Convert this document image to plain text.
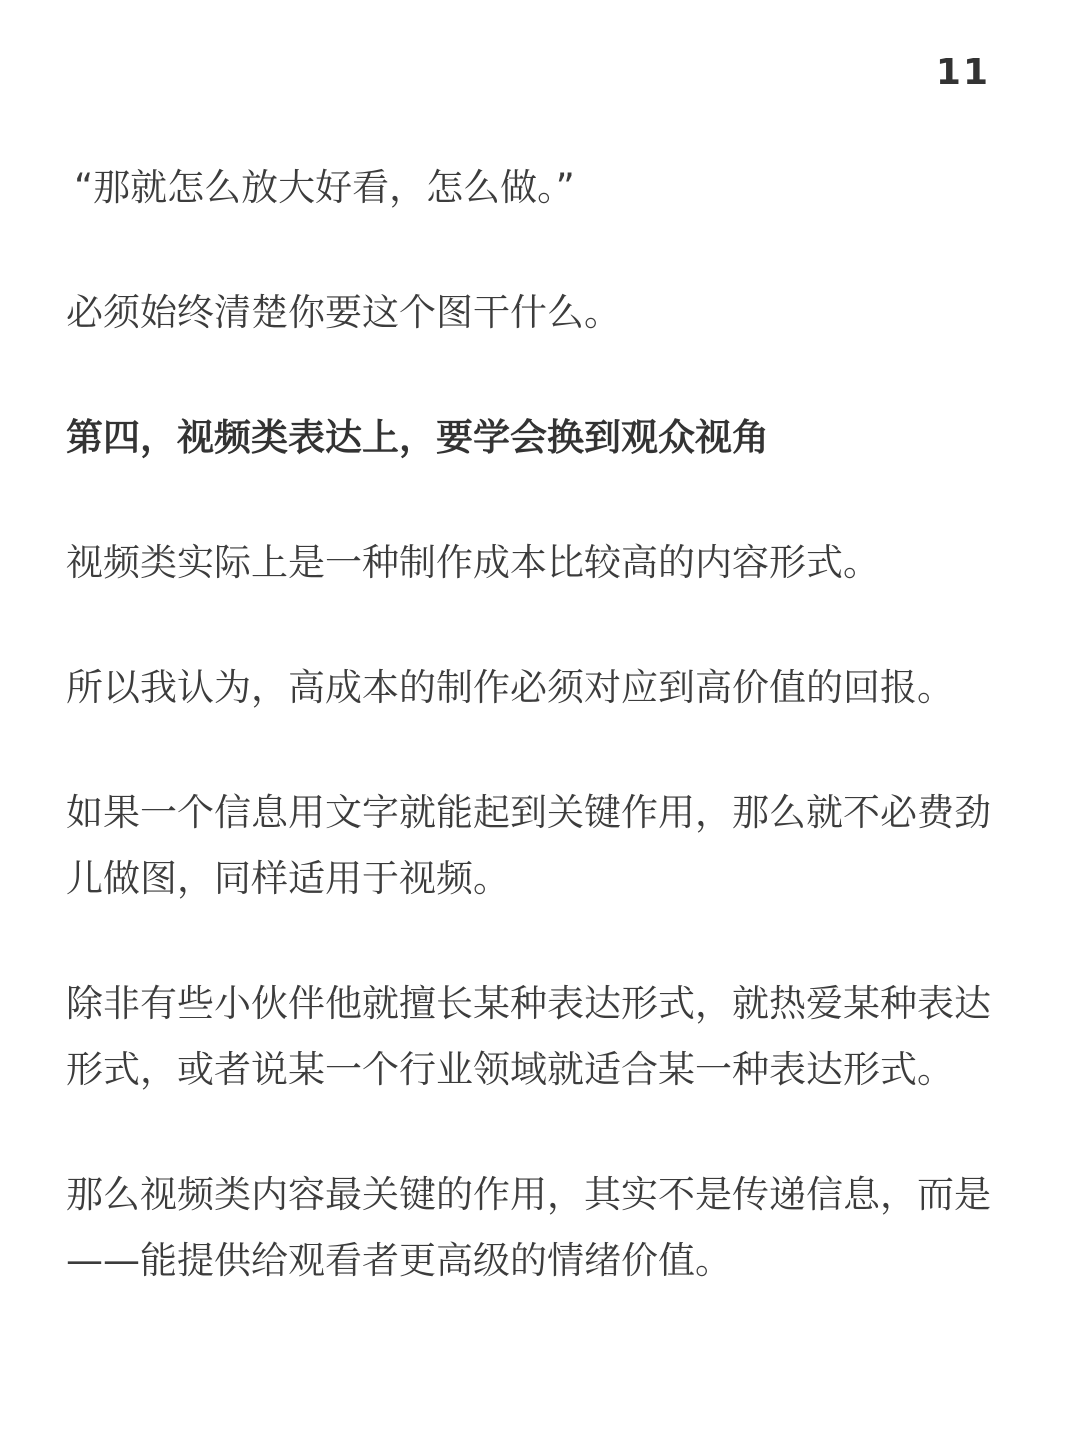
11

“那就怎么放大好看，怎么做。”

必须始终清楚你要这个图干什么。

第四，视频类表达上，要学会换到观众视角

视频类实际上是一种制作成本比较高的内容形式。

所以我认为，高成本的制作必须对应到高价值的回报。

如果一个信息用文字就能起到关键作用，那么就不必费劲儿做图，同样适用于视频。

除非有些小伙伴他就擅长某种表达形式，就热爱某种表达形式，或者说某一个行业领域就适合某一种表达形式。

那么视频类内容最关键的作用，其实不是传递信息，而是——能提供给观看者更高级的情绪价值。
